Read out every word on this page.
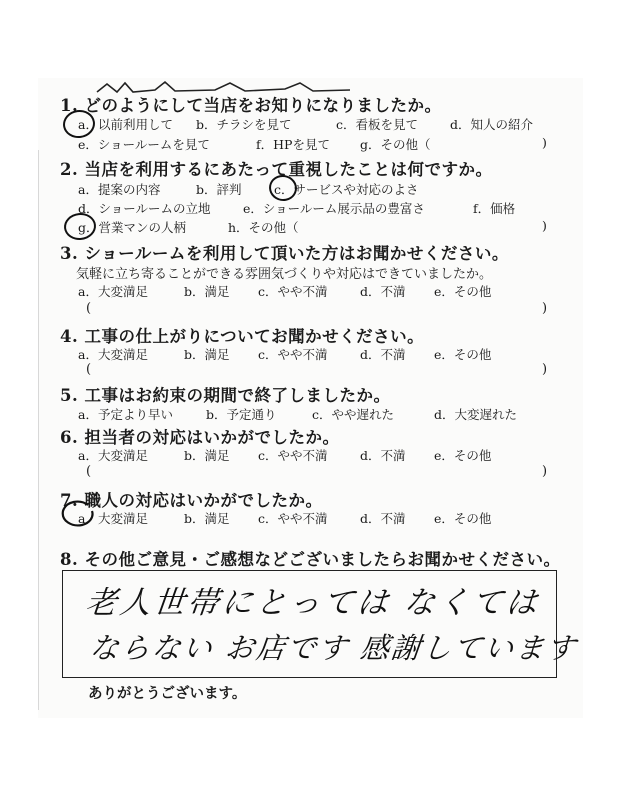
1. どのようにして当店をお知りになりましたか。
a．以前利用して b．チラシを見て	c．看板を見て	d．知人の紹介
e．ショールームを見て	f．HPを見て g．その他（	)
2. 当店を利用するにあたって重視したことは何ですか。
a．提案の内容	b．評判	c．サービスや対応のよさ
d．ショールームの立地	e．ショールーム展示品の豊富さ	f．価格
g．営業マンの人柄	h．その他（	)
3. ショールームを利用して頂いた方はお聞かせください。
気軽に立ち寄ることができる雰囲気づくりや対応はできていましたか。
a．大変満足	b．満足 c．やや不満	d．不満 e．その他
(	)
4. 工事の仕上がりについてお聞かせください。
a．大変満足	b．満足 c．やや不満	d．不満 e．その他
(	)
5. 工事はお約束の期間で終了しましたか。
a．予定より早い	b．予定通り	c．やや遅れた	d．大変遅れた
6. 担当者の対応はいかがでしたか。
a．大変満足	b．満足 c．やや不満	d．不満 e．その他
(	)
7. 職人の対応はいかがでしたか。
a．大変満足	b．満足 c．やや不満	d．不満 e．その他
8. その他ご意見・ご感想などございましたらお聞かせください。
老人世帯にとっては なくては
ならない お店です 感謝しています
ありがとうございます。
